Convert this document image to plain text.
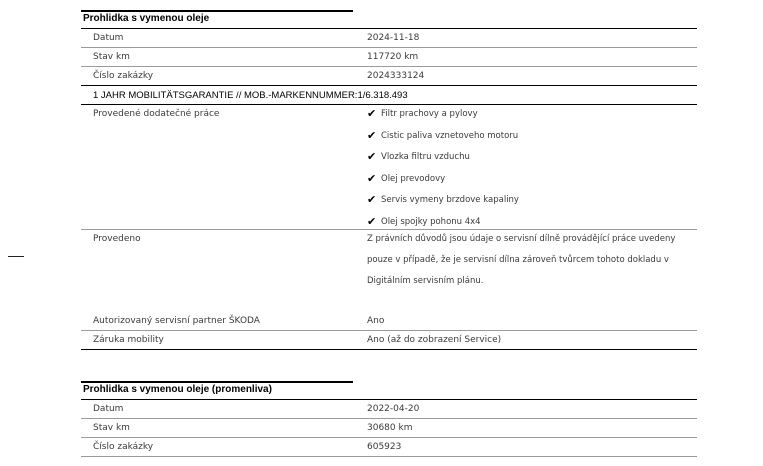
Prohlidka s vymenou oleje
Datum	2024-11-18
Stav km	117720 km
Číslo zakázky	2024333124
1 JAHR MOBILITÄTSGARANTIE // MOB.-MARKENNUMMER:1/6.318.493
Provedené dodatečné práce	✔ Filtr prachovy a pylovy
✔ Cistic paliva vznetoveho motoru
✔ Vlozka filtru vzduchu
✔ Olej prevodovy
✔ Servis vymeny brzdove kapaliny
✔ Olej spojky pohonu 4x4
Provedeno	Z právních důvodů jsou údaje o servisní dílně provádějící práce uvedeny pouze v případě, že je servisní dílna zároveň tvůrcem tohoto dokladu v Digitálním servisním plánu.
Autorizovaný servisní partner ŠKODA	Ano
Záruka mobility	Ano (až do zobrazení Service)
Prohlidka s vymenou oleje (promenliva)
Datum	2022-04-20
Stav km	30680 km
Číslo zakázky	605923
